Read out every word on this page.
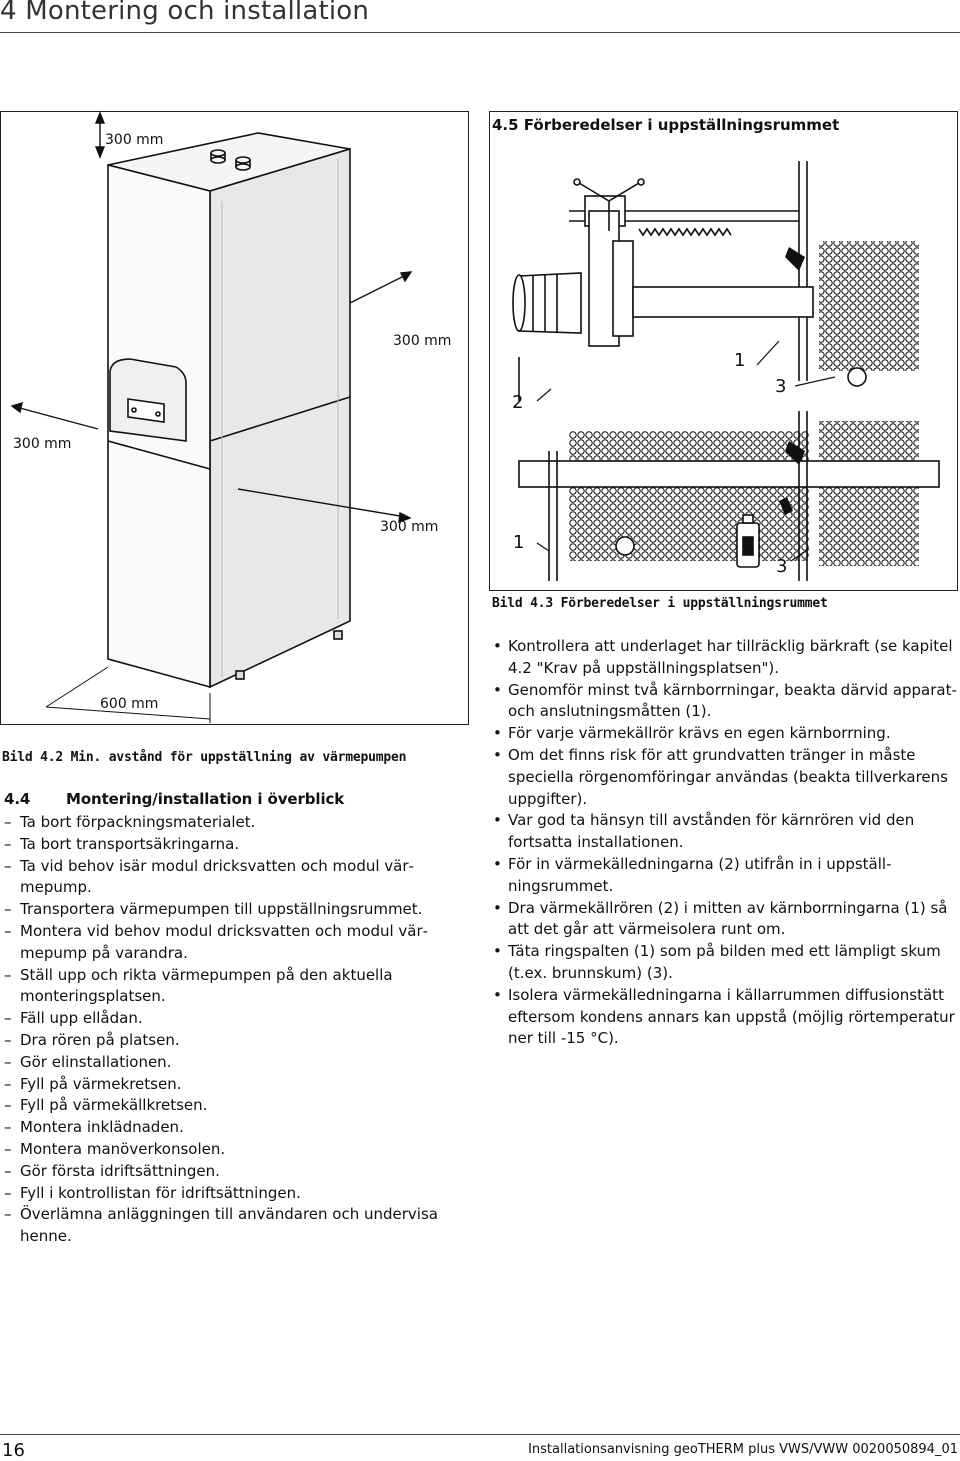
4 Montering och installation
300 mm
300 mm
300 mm
300 mm
600 mm
Bild 4.2 Min. avstånd för uppställning av värmepumpen
4.5 Förberedelser i uppställningsrummet
2
1
3
1
3
Bild 4.3 Förberedelser i uppställningsrummet
4.4 Montering/installation i överblick
– Ta bort förpackningsmaterialet.
– Ta bort transportsäkringarna.
– Ta vid behov isär modul dricksvatten och modul värmepump.
– Transportera värmepumpen till uppställningsrummet.
– Montera vid behov modul dricksvatten och modul värmepump på varandra.
– Ställ upp och rikta värmepumpen på den aktuella monteringsplatsen.
– Fäll upp ellådan.
– Dra rören på platsen.
– Gör elinstallationen.
– Fyll på värmekretsen.
– Fyll på värmekällkretsen.
– Montera inklädnaden.
– Montera manöverkonsolen.
– Gör första idriftsättningen.
– Fyll i kontrollistan för idriftsättningen.
– Överlämna anläggningen till användaren och undervisa henne.
• Kontrollera att underlaget har tillräcklig bärkraft (se kapitel 4.2 "Krav på uppställningsplatsen").
• Genomför minst två kärnborrningar, beakta därvid apparat- och anslutningsmåtten (1).
• För varje värmekällrör krävs en egen kärnborrning.
• Om det finns risk för att grundvatten tränger in måste speciella rörgenomföringar användas (beakta tillverkarens uppgifter).
• Var god ta hänsyn till avstånden för kärnrören vid den fortsatta installationen.
• För in värmekälledningarna (2) utifrån in i uppställningsrummet.
• Dra värmekällrören (2) i mitten av kärnborrningarna (1) så att det går att värmeisolera runt om.
• Täta ringspalten (1) som på bilden med ett lämpligt skum (t.ex. brunnskum) (3).
• Isolera värmekälledningarna i källarrummen diffusionstätt eftersom kondens annars kan uppstå (möjlig rörtemperatur ner till -15 °C).
16	Installationsanvisning geoTHERM plus VWS/VWW 0020050894_01
